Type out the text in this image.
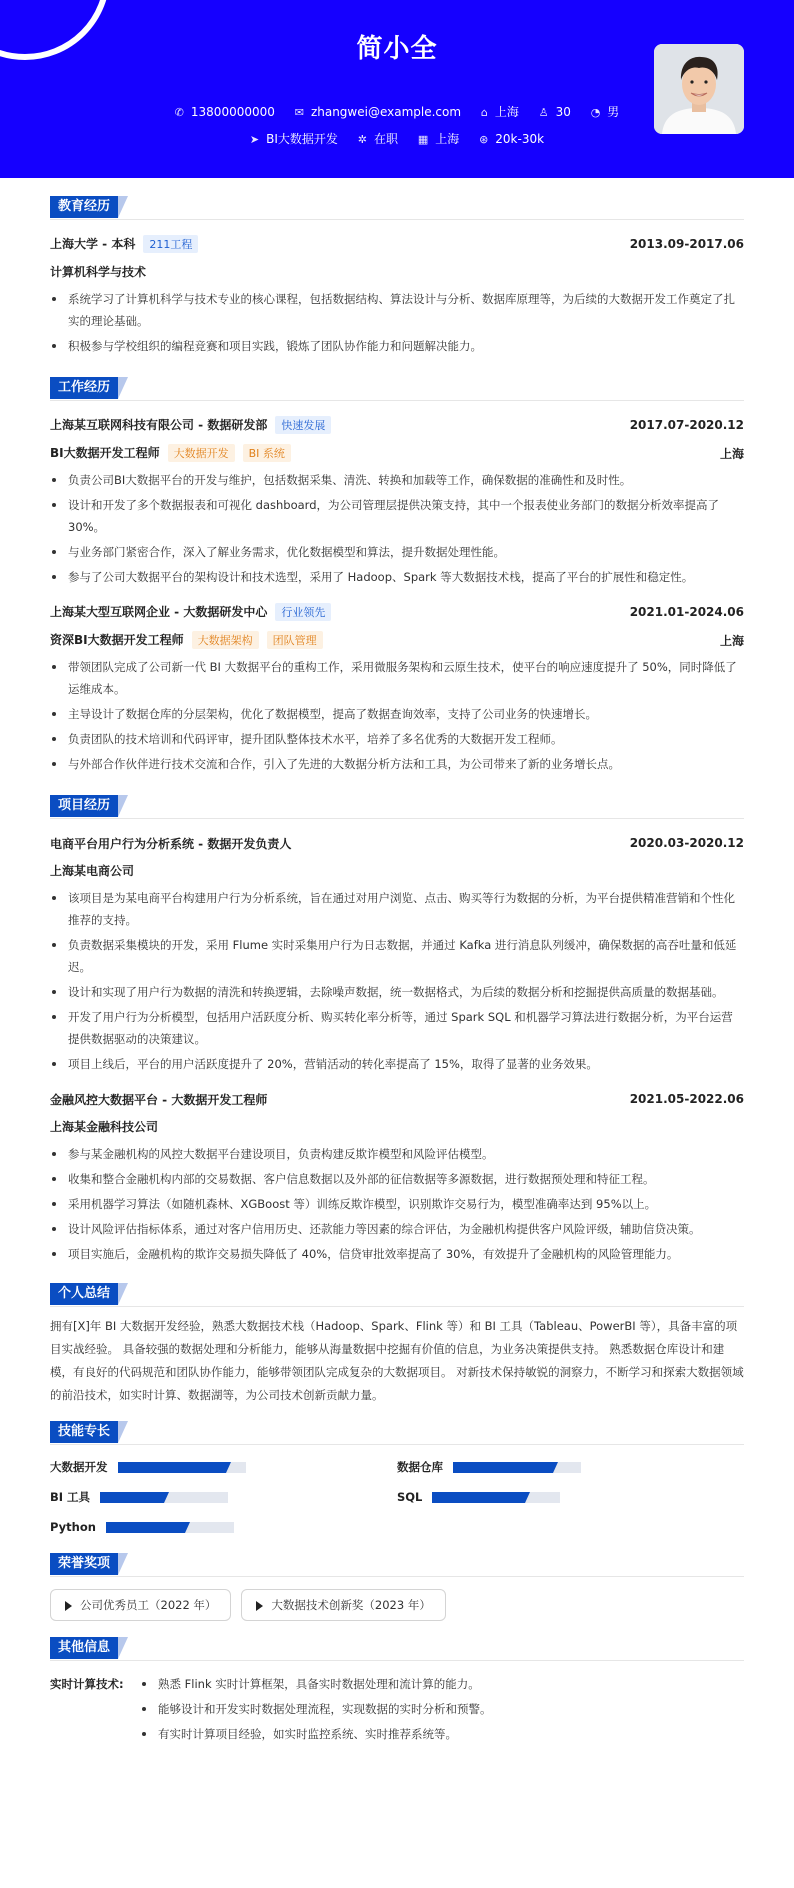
简小全
✆ 13800000000 ✉ zhangwei@example.com ⌂ 上海 ♙ 30 ◔ 男
➤ BI大数据开发 ✲ 在职 ▦ 上海 ⊛ 20k-30k
教育经历
上海大学 - 本科 211工程	2013.09-2017.06
计算机科学与技术
系统学习了计算机科学与技术专业的核心课程，包括数据结构、算法设计与分析、数据库原理等，为后续的大数据开发工作奠定了扎实的理论基础。
积极参与学校组织的编程竞赛和项目实践，锻炼了团队协作能力和问题解决能力。
工作经历
上海某互联网科技有限公司 - 数据研发部 快速发展	2017.07-2020.12
BI大数据开发工程师 大数据开发 BI 系统	上海
负责公司BI大数据平台的开发与维护，包括数据采集、清洗、转换和加载等工作，确保数据的准确性和及时性。
设计和开发了多个数据报表和可视化 dashboard，为公司管理层提供决策支持，其中一个报表使业务部门的数据分析效率提高了 30%。
与业务部门紧密合作，深入了解业务需求，优化数据模型和算法，提升数据处理性能。
参与了公司大数据平台的架构设计和技术选型，采用了 Hadoop、Spark 等大数据技术栈，提高了平台的扩展性和稳定性。
上海某大型互联网企业 - 大数据研发中心 行业领先	2021.01-2024.06
资深BI大数据开发工程师 大数据架构 团队管理	上海
带领团队完成了公司新一代 BI 大数据平台的重构工作，采用微服务架构和云原生技术，使平台的响应速度提升了 50%，同时降低了运维成本。
主导设计了数据仓库的分层架构，优化了数据模型，提高了数据查询效率，支持了公司业务的快速增长。
负责团队的技术培训和代码评审，提升团队整体技术水平，培养了多名优秀的大数据开发工程师。
与外部合作伙伴进行技术交流和合作，引入了先进的大数据分析方法和工具，为公司带来了新的业务增长点。
项目经历
电商平台用户行为分析系统 - 数据开发负责人	2020.03-2020.12
上海某电商公司
该项目是为某电商平台构建用户行为分析系统，旨在通过对用户浏览、点击、购买等行为数据的分析，为平台提供精准营销和个性化推荐的支持。
负责数据采集模块的开发，采用 Flume 实时采集用户行为日志数据，并通过 Kafka 进行消息队列缓冲，确保数据的高吞吐量和低延迟。
设计和实现了用户行为数据的清洗和转换逻辑，去除噪声数据，统一数据格式，为后续的数据分析和挖掘提供高质量的数据基础。
开发了用户行为分析模型，包括用户活跃度分析、购买转化率分析等，通过 Spark SQL 和机器学习算法进行数据分析，为平台运营提供数据驱动的决策建议。
项目上线后，平台的用户活跃度提升了 20%，营销活动的转化率提高了 15%，取得了显著的业务效果。
金融风控大数据平台 - 大数据开发工程师	2021.05-2022.06
上海某金融科技公司
参与某金融机构的风控大数据平台建设项目，负责构建反欺诈模型和风险评估模型。
收集和整合金融机构内部的交易数据、客户信息数据以及外部的征信数据等多源数据，进行数据预处理和特征工程。
采用机器学习算法（如随机森林、XGBoost 等）训练反欺诈模型，识别欺诈交易行为，模型准确率达到 95%以上。
设计风险评估指标体系，通过对客户信用历史、还款能力等因素的综合评估，为金融机构提供客户风险评级，辅助信贷决策。
项目实施后，金融机构的欺诈交易损失降低了 40%，信贷审批效率提高了 30%，有效提升了金融机构的风险管理能力。
个人总结
拥有[X]年 BI 大数据开发经验，熟悉大数据技术栈（Hadoop、Spark、Flink 等）和 BI 工具（Tableau、PowerBI 等），具备丰富的项目实战经验。 具备较强的数据处理和分析能力，能够从海量数据中挖掘有价值的信息，为业务决策提供支持。 熟悉数据仓库设计和建模，有良好的代码规范和团队协作能力，能够带领团队完成复杂的大数据项目。 对新技术保持敏锐的洞察力，不断学习和探索大数据领域的前沿技术，如实时计算、数据湖等，为公司技术创新贡献力量。
技能专长
大数据开发	数据仓库
BI 工具	SQL
Python
荣誉奖项
公司优秀员工（2022 年）	大数据技术创新奖（2023 年）
其他信息
实时计算技术:	熟悉 Flink 实时计算框架，具备实时数据处理和流计算的能力。
能够设计和开发实时数据处理流程，实现数据的实时分析和预警。
有实时计算项目经验，如实时监控系统、实时推荐系统等。
